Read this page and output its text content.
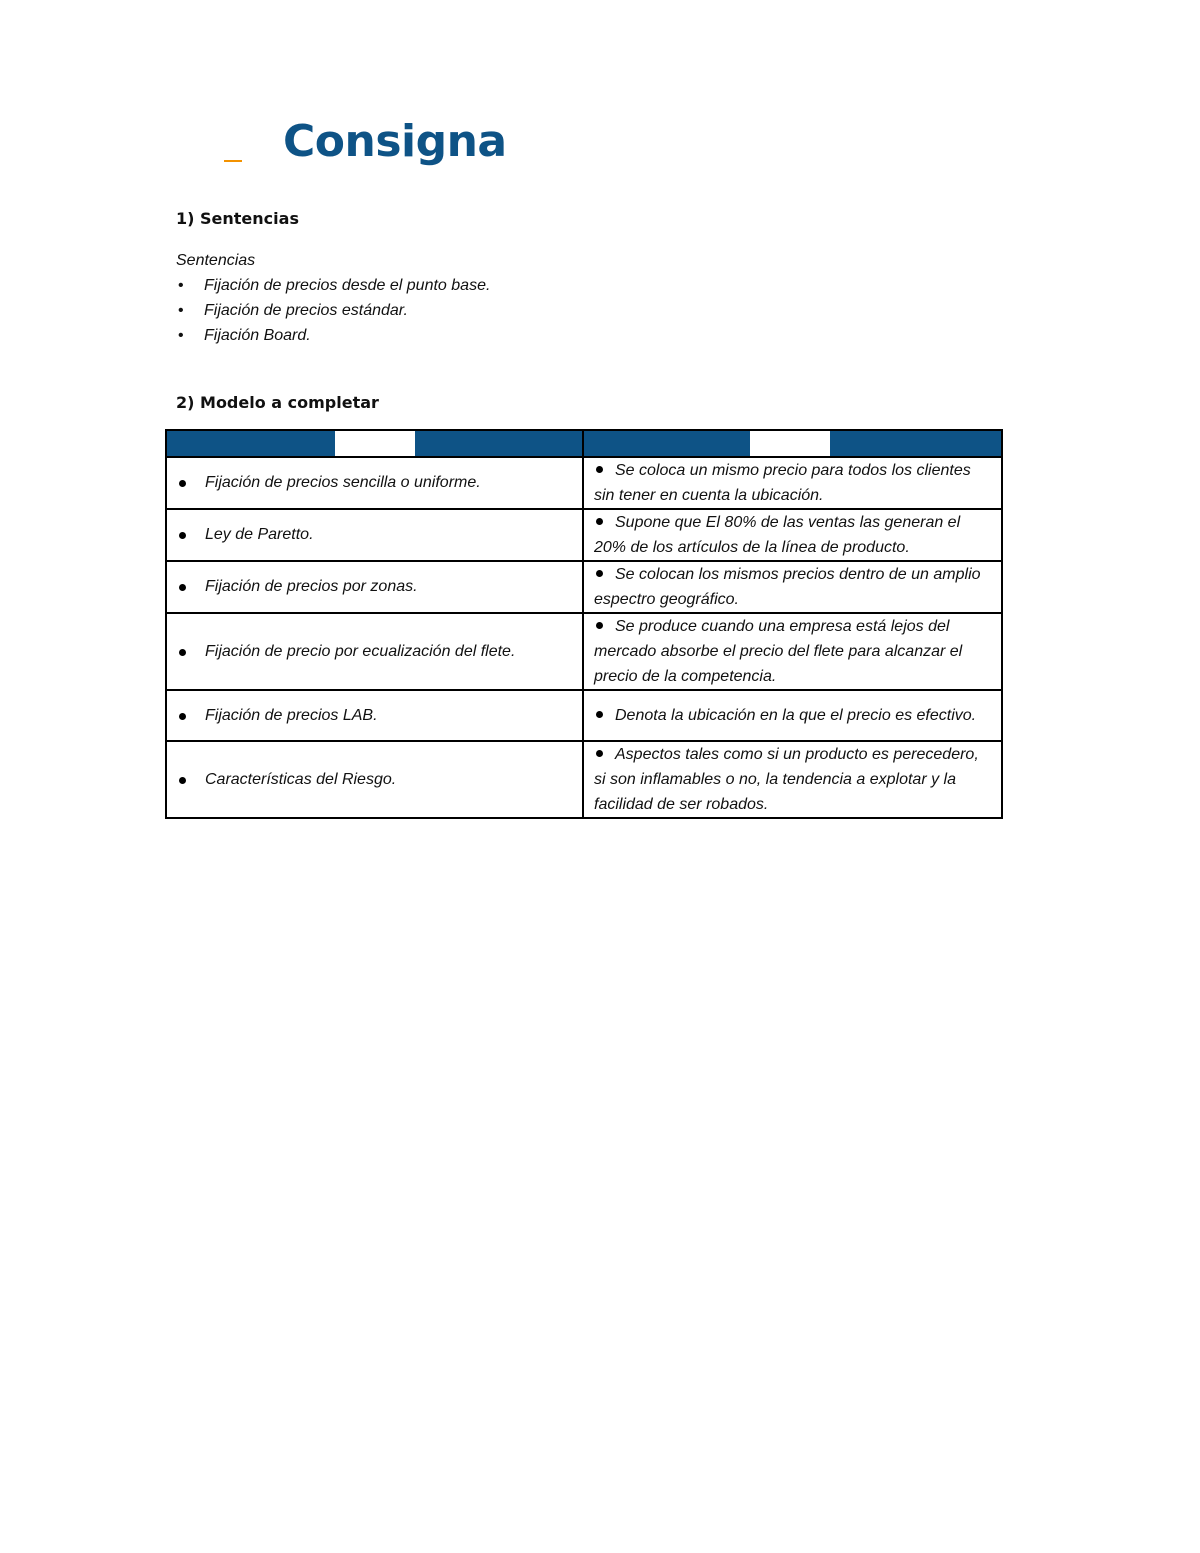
Consigna
1) Sentencias
Sentencias
• Fijación de precios desde el punto base.
• Fijación de precios estándar.
• Fijación Board.
2) Modelo a completar

Fijación de precios sencilla o uniforme.	Se coloca un mismo precio para todos los clientes sin tener en cuenta la ubicación.

Ley de Paretto.	Supone que El 80% de las ventas las generan el 20% de los artículos de la línea de producto.

Fijación de precios por zonas.	Se colocan los mismos precios dentro de un amplio espectro geográfico.

Fijación de precio por ecualización del flete.	Se produce cuando una empresa está lejos del mercado absorbe el precio del flete para alcanzar el precio de la competencia.

Fijación de precios LAB.	Denota la ubicación en la que el precio es efectivo.

Características del Riesgo.	Aspectos tales como si un producto es perecedero, si son inflamables o no, la tendencia a explotar y la facilidad de ser robados.
